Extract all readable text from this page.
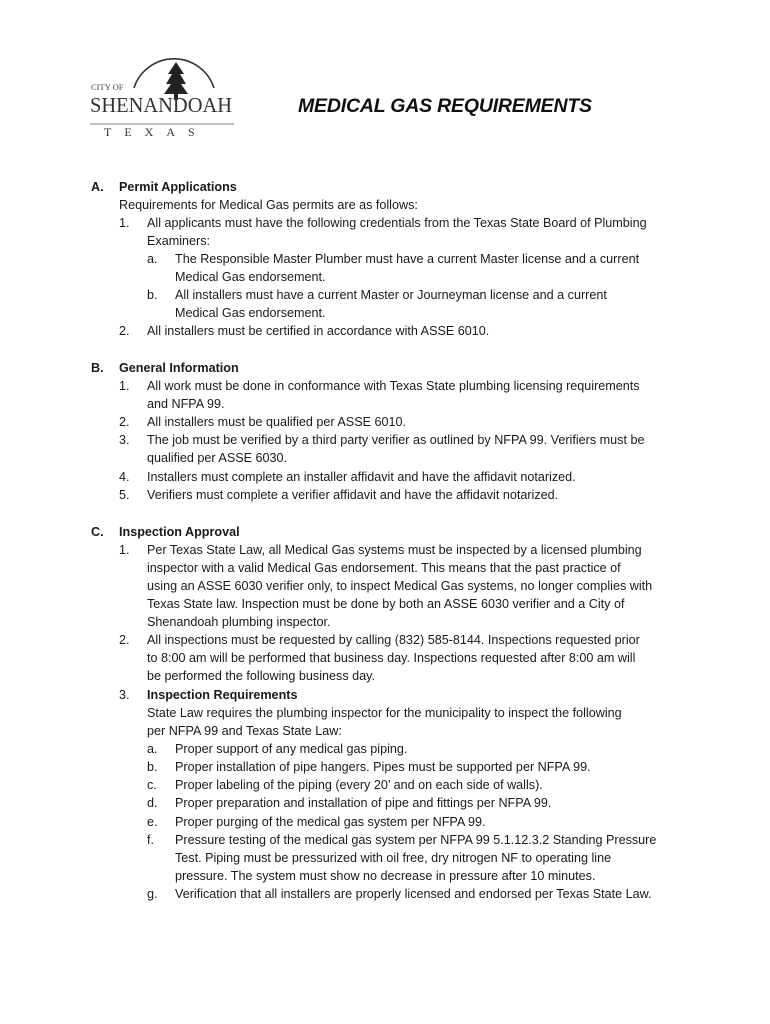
CITY OF
SHENANDOAH
TEXAS
MEDICAL GAS REQUIREMENTS
A. Permit Applications
Requirements for Medical Gas permits are as follows:
1. All applicants must have the following credentials from the Texas State Board of Plumbing
Examiners:
a. The Responsible Master Plumber must have a current Master license and a current
Medical Gas endorsement.
b. All installers must have a current Master or Journeyman license and a current
Medical Gas endorsement.
2. All installers must be certified in accordance with ASSE 6010.
B. General Information
1. All work must be done in conformance with Texas State plumbing licensing requirements
and NFPA 99.
2. All installers must be qualified per ASSE 6010.
3. The job must be verified by a third party verifier as outlined by NFPA 99. Verifiers must be
qualified per ASSE 6030.
4. Installers must complete an installer affidavit and have the affidavit notarized.
5. Verifiers must complete a verifier affidavit and have the affidavit notarized.
C. Inspection Approval
1. Per Texas State Law, all Medical Gas systems must be inspected by a licensed plumbing
inspector with a valid Medical Gas endorsement. This means that the past practice of
using an ASSE 6030 verifier only, to inspect Medical Gas systems, no longer complies with
Texas State law. Inspection must be done by both an ASSE 6030 verifier and a City of
Shenandoah plumbing inspector.
2. All inspections must be requested by calling (832) 585-8144. Inspections requested prior
to 8:00 am will be performed that business day. Inspections requested after 8:00 am will
be performed the following business day.
3. Inspection Requirements
State Law requires the plumbing inspector for the municipality to inspect the following
per NFPA 99 and Texas State Law:
a. Proper support of any medical gas piping.
b. Proper installation of pipe hangers. Pipes must be supported per NFPA 99.
c. Proper labeling of the piping (every 20’ and on each side of walls).
d. Proper preparation and installation of pipe and fittings per NFPA 99.
e. Proper purging of the medical gas system per NFPA 99.
f. Pressure testing of the medical gas system per NFPA 99 5.1.12.3.2 Standing Pressure
Test. Piping must be pressurized with oil free, dry nitrogen NF to operating line
pressure. The system must show no decrease in pressure after 10 minutes.
g. Verification that all installers are properly licensed and endorsed per Texas State Law.
